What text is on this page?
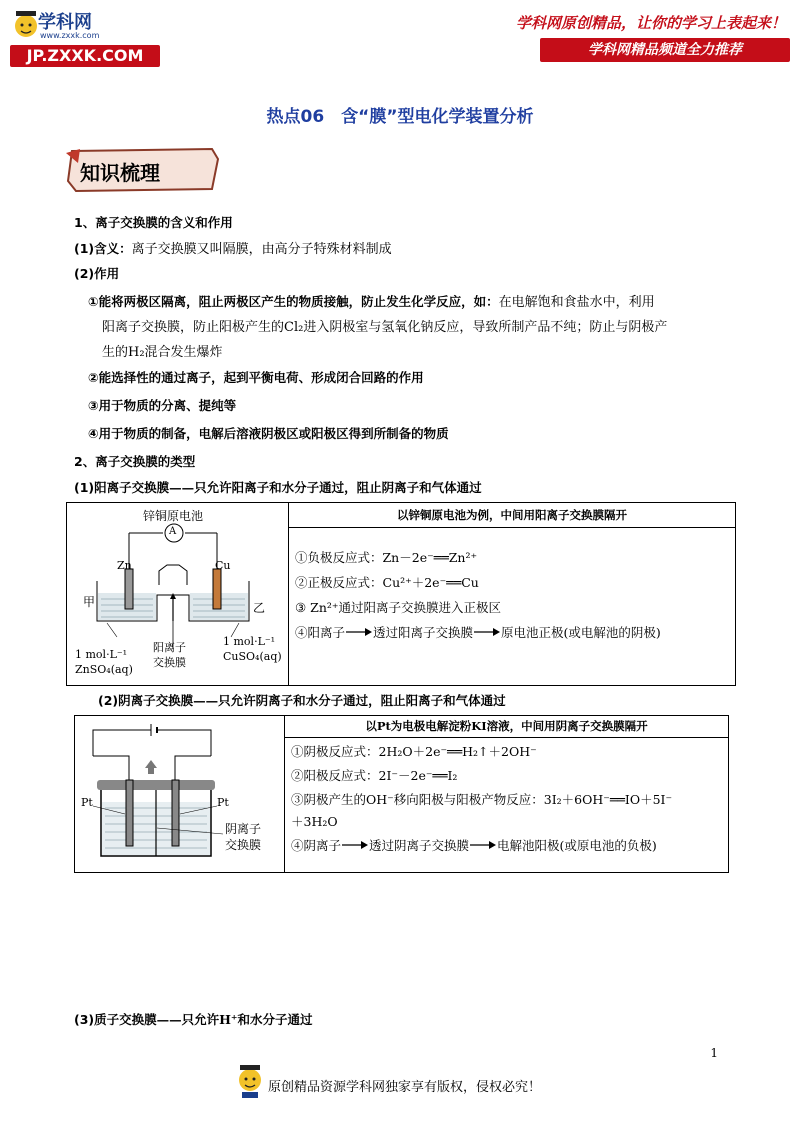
学科网
www.zxxk.com
JP.ZXXK.COM
学科网原创精品，让你的学习上表起来！
学科网精品频道全力推荐
热点06　含“膜”型电化学装置分析
知识梳理
1、离子交换膜的含义和作用
(1)含义：离子交换膜又叫隔膜，由高分子特殊材料制成
(2)作用
①能将两极区隔离，阻止两极区产生的物质接触，防止发生化学反应，如：在电解饱和食盐水中，利用
阳离子交换膜，防止阳极产生的Cl₂进入阴极室与氢氧化钠反应，导致所制产品不纯；防止与阴极产
生的H₂混合发生爆炸
②能选择性的通过离子，起到平衡电荷、形成闭合回路的作用
③用于物质的分离、提纯等
④用于物质的制备，电解后溶液阴极区或阳极区得到所制备的物质
2、离子交换膜的类型
(1)阳离子交换膜——只允许阳离子和水分子通过，阻止阴离子和气体通过
锌铜原电池
A
Zn	Cu
甲	乙
1 mol·L⁻¹
ZnSO₄(aq)
阳离子
交换膜
1 mol·L⁻¹
CuSO₄(aq)
	以锌铜原电池为例，中间用阳离子交换膜隔开

①负极反应式：Zn－2e⁻══Zn²⁺
②正极反应式：Cu²⁺＋2e⁻══Cu
③ Zn²⁺通过阳离子交换膜进入正极区
④阳离子 透过阳离子交换膜 原电池正极(或电解池的阴极)
(2)阴离子交换膜——只允许阴离子和水分子通过，阻止阳离子和气体通过
Pt	Pt
阴离子
交换膜
	以Pt为电极电解淀粉KI溶液，中间用阴离子交换膜隔开

①阴极反应式：2H₂O＋2e⁻══H₂↑＋2OH⁻
②阳极反应式：2I⁻－2e⁻══I₂
③阴极产生的OH⁻移向阳极与阳极产物反应：3I₂＋6OH⁻══IO＋5I⁻
＋3H₂O
④阴离子 透过阴离子交换膜 电解池阳极(或原电池的负极)
(3)质子交换膜——只允许H⁺和水分子通过
1
原创精品资源学科网独家享有版权，侵权必究！
